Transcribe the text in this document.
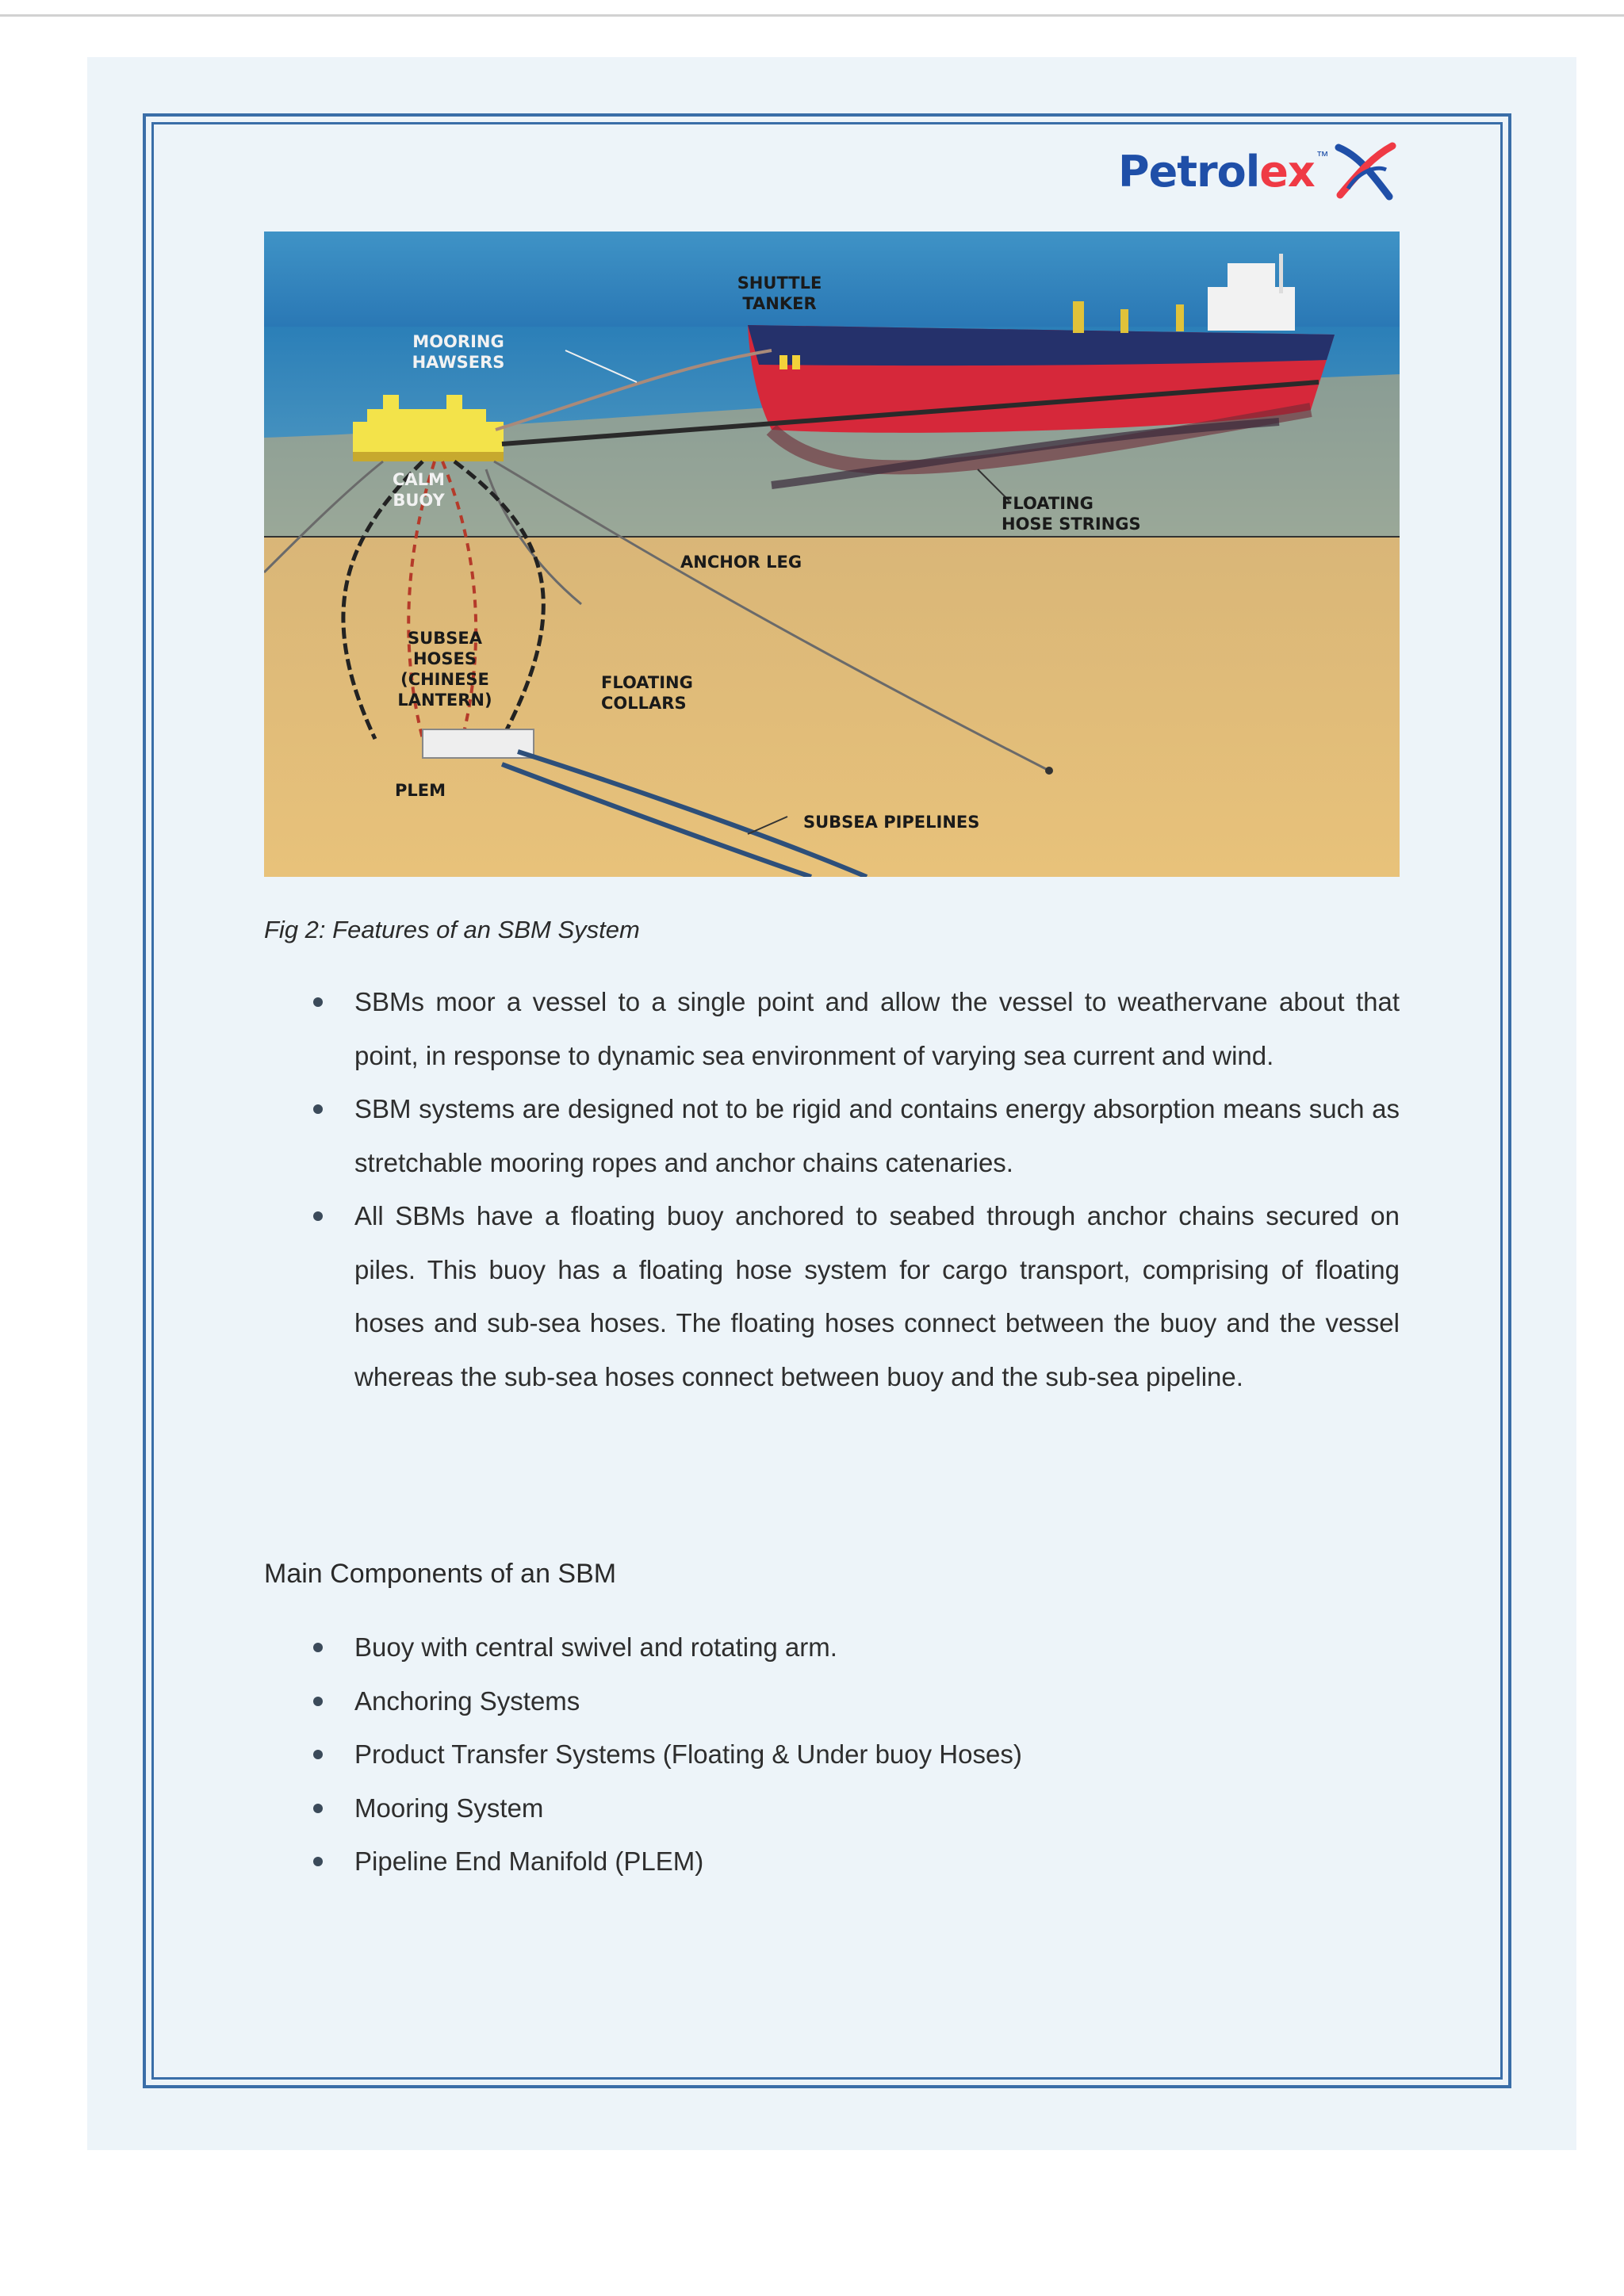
Petrolex ™
SHUTTLE
TANKER
MOORING
HAWSERS
CALM
BUOY	FLOATING
HOSE STRINGS
ANCHOR LEG
SUBSEA
HOSES
(CHINESE
LANTERN)
FLOATING
COLLARS
PLEM
SUBSEA PIPELINES
Fig 2: Features of an SBM System
SBMs moor a vessel to a single point and allow the vessel to weathervane about that point, in response to dynamic sea environment of varying sea current and wind.
SBM systems are designed not to be rigid and contains energy absorption means such as stretchable mooring ropes and anchor chains catenaries.
All SBMs have a floating buoy anchored to seabed through anchor chains secured on piles. This buoy has a floating hose system for cargo transport, comprising of floating hoses and sub-sea hoses. The floating hoses connect between the buoy and the vessel whereas the sub-sea hoses connect between buoy and the sub-sea pipeline.
Main Components of an SBM
Buoy with central swivel and rotating arm.
Anchoring Systems
Product Transfer Systems (Floating & Under buoy Hoses)
Mooring System
Pipeline End Manifold (PLEM)
